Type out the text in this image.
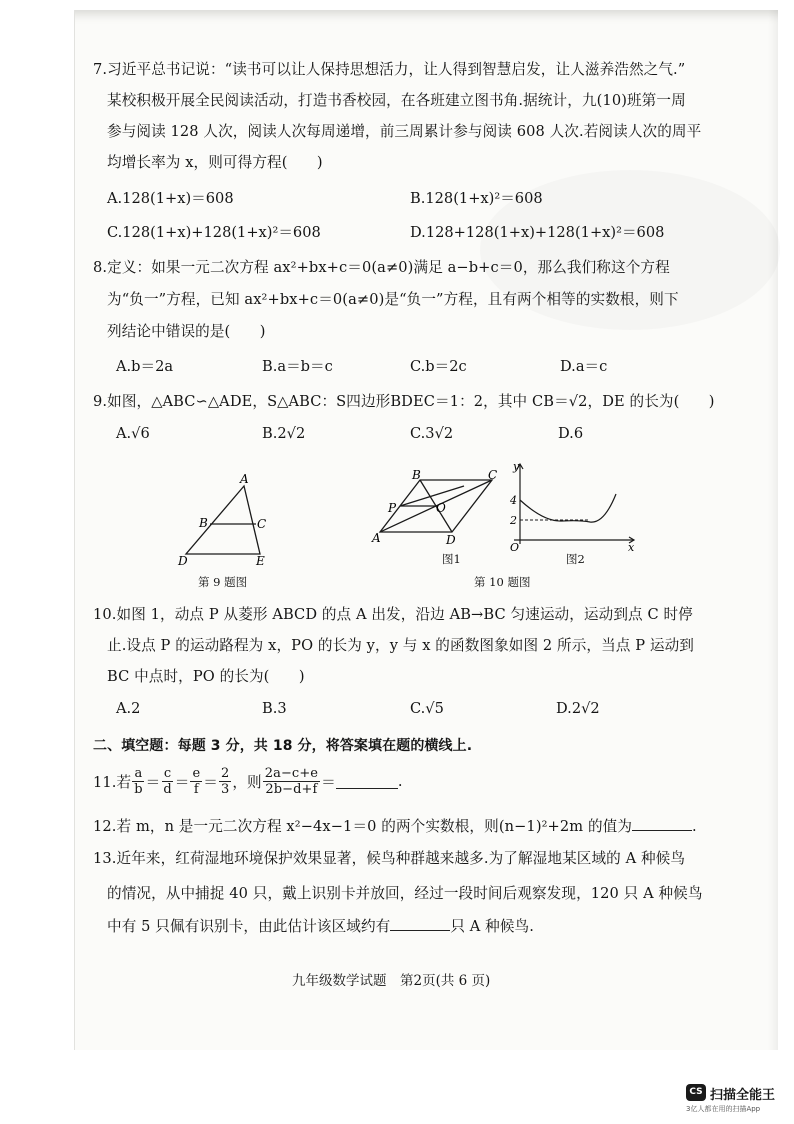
7.习近平总书记说：“读书可以让人保持思想活力，让人得到智慧启发，让人滋养浩然之气.”
某校积极开展全民阅读活动，打造书香校园，在各班建立图书角.据统计，九(10)班第一周
参与阅读 128 人次，阅读人次每周递增，前三周累计参与阅读 608 人次.若阅读人次的周平
均增长率为 x，则可得方程(　　)
A.128(1+x)＝608	B.128(1+x)²＝608
C.128(1+x)+128(1+x)²＝608	D.128+128(1+x)+128(1+x)²＝608
8.定义：如果一元二次方程 ax²+bx+c＝0(a≠0)满足 a−b+c＝0，那么我们称这个方程
为“负一”方程，已知 ax²+bx+c＝0(a≠0)是“负一”方程，且有两个相等的实数根，则下
列结论中错误的是(　　)
A.b＝2a	B.a＝b＝c	C.b＝2c	D.a＝c
9.如图，△ABC∽△ADE，S△ABC：S四边形BDEC＝1：2，其中 CB＝√2，DE 的长为(　　)
A.√6	B.2√2	C.3√2	D.6
A
B	C
D	E
第 9 题图
B	C
P	O
A	D
图1
y
4
2
O	x
图2
第 10 题图
10.如图 1，动点 P 从菱形 ABCD 的点 A 出发，沿边 AB→BC 匀速运动，运动到点 C 时停
止.设点 P 的运动路程为 x，PO 的长为 y，y 与 x 的函数图象如图 2 所示，当点 P 运动到
BC 中点时，PO 的长为(　　)
A.2	B.3	C.√5	D.2√2
二、填空题：每题 3 分，共 18 分，将答案填在题的横线上.
11.若 $\frac{a}{b} = \frac{c}{d} = \frac{e}{f} = \frac{2}{3}$ ，则 $\frac{2a-c+e}{2b-d+f}$ ＝	.
12.若 m，n 是一元二次方程 x²−4x−1＝0 的两个实数根，则(n−1)²+2m 的值为	.
13.近年来，红荷湿地环境保护效果显著，候鸟种群越来越多.为了解湿地某区域的 A 种候鸟
的情况，从中捕捉 40 只，戴上识别卡并放回，经过一段时间后观察发现，120 只 A 种候鸟
中有 5 只佩有识别卡，由此估计该区域约有	只 A 种候鸟.
九年级数学试题　第2页(共 6 页)
CS 扫描全能王
3亿人都在用的扫描App
